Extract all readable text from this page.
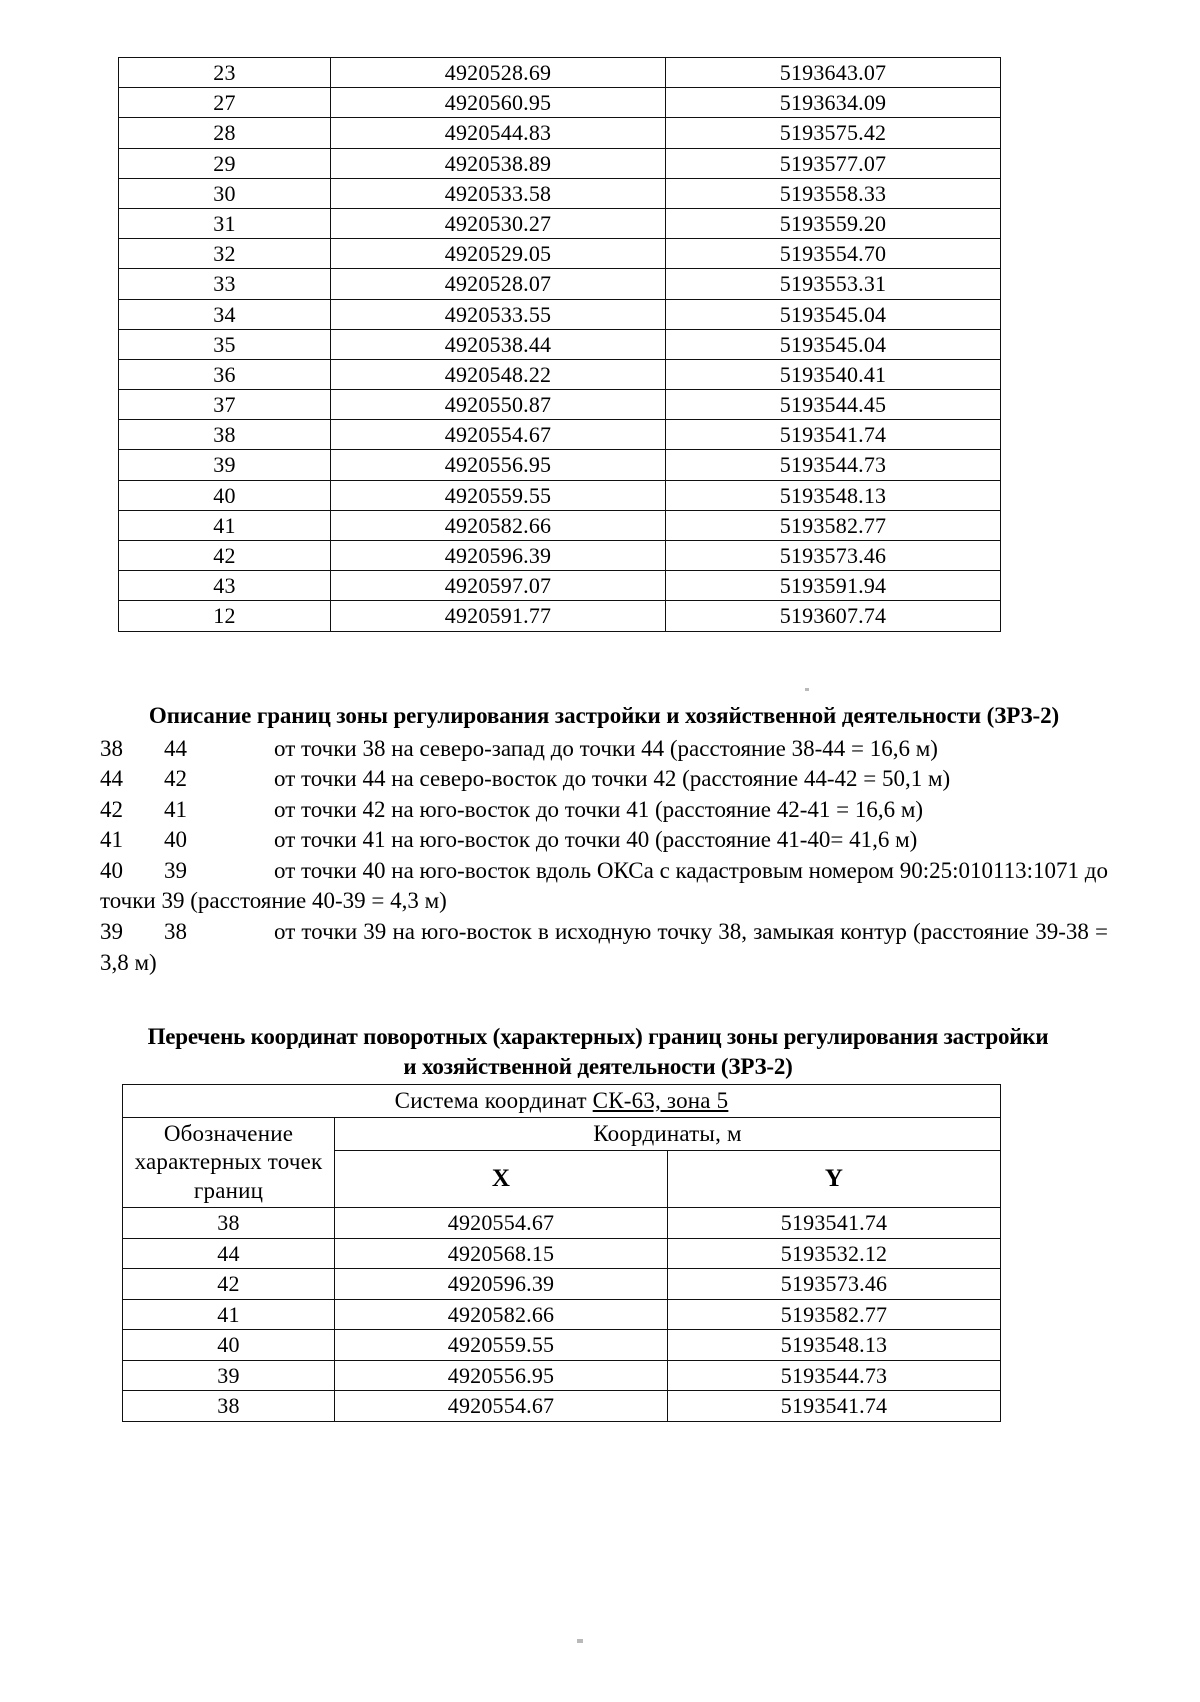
23	4920528.69	5193643.07
27	4920560.95	5193634.09
28	4920544.83	5193575.42
29	4920538.89	5193577.07
30	4920533.58	5193558.33
31	4920530.27	5193559.20
32	4920529.05	5193554.70
33	4920528.07	5193553.31
34	4920533.55	5193545.04
35	4920538.44	5193545.04
36	4920548.22	5193540.41
37	4920550.87	5193544.45
38	4920554.67	5193541.74
39	4920556.95	5193544.73
40	4920559.55	5193548.13
41	4920582.66	5193582.77
42	4920596.39	5193573.46
43	4920597.07	5193591.94
12	4920591.77	5193607.74
Описание границ зоны регулирования застройки и хозяйственной деятельности (ЗРЗ-2)
38 44	от точки 38 на северо-запад до точки 44 (расстояние 38-44 = 16,6 м)
44 42	от точки 44 на северо-восток до точки 42 (расстояние 44-42 = 50,1 м)
42 41	от точки 42 на юго-восток до точки 41 (расстояние 42-41 = 16,6 м)
41 40	от точки 41 на юго-восток до точки 40 (расстояние 41-40= 41,6 м)
40 39	от точки 40 на юго-восток вдоль ОКСа с кадастровым номером 90:25:010113:1071 до точки 39 (расстояние 40-39 = 4,3 м)
39 38	от точки 39 на юго-восток в исходную точку 38, замыкая контур (расстояние 39-38 = 3,8 м)
Перечень координат поворотных (характерных) границ зоны регулирования застройки
и хозяйственной деятельности (ЗРЗ-2)
Система координат СК-63, зона 5		
Обозначение характерных точек границ	Координаты, м	
	X	Y
38	4920554.67	5193541.74
44	4920568.15	5193532.12
42	4920596.39	5193573.46
41	4920582.66	5193582.77
40	4920559.55	5193548.13
39	4920556.95	5193544.73
38	4920554.67	5193541.74
